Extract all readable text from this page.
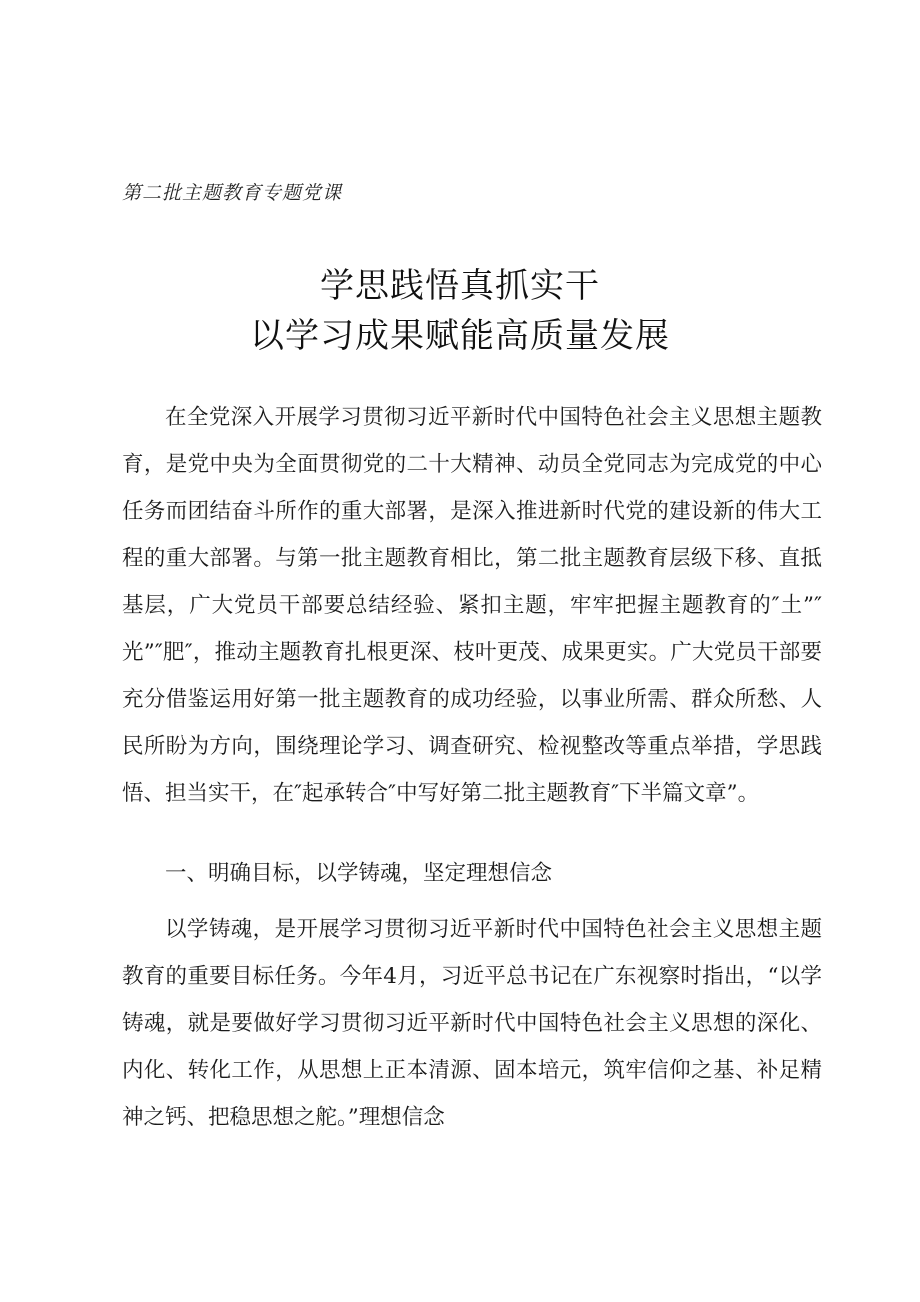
第二批主题教育专题党课
学思践悟真抓实干
以学习成果赋能高质量发展

在全党深入开展学习贯彻习近平新时代中国特色社会主义思想主题教育，是党中央为全面贯彻党的二十大精神、动员全党同志为完成党的中心任务而团结奋斗所作的重大部署，是深入推进新时代党的建设新的伟大工程的重大部署。与第一批主题教育相比，第二批主题教育层级下移、直抵基层，广大党员干部要总结经验、紧扣主题，牢牢把握主题教育的″土”″光”″肥″，推动主题教育扎根更深、枝叶更茂、成果更实。广大党员干部要充分借鉴运用好第一批主题教育的成功经验，以事业所需、群众所愁、人民所盼为方向，围绕理论学习、调查研究、检视整改等重点举措，学思践悟、担当实干，在″起承转合″中写好第二批主题教育″下半篇文章”。

一、明确目标，以学铸魂，坚定理想信念

以学铸魂，是开展学习贯彻习近平新时代中国特色社会主义思想主题教育的重要目标任务。今年4月，习近平总书记在广东视察时指出，“以学铸魂，就是要做好学习贯彻习近平新时代中国特色社会主义思想的深化、内化、转化工作，从思想上正本清源、固本培元，筑牢信仰之基、补足精神之钙、把稳思想之舵。”理想信念
